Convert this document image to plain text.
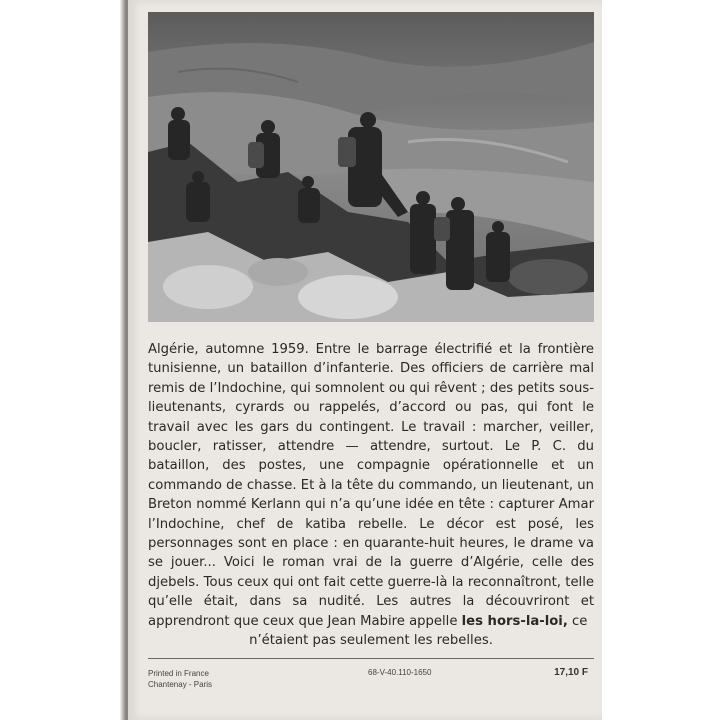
Algérie, automne 1959. Entre le barrage électrifié et la frontière tunisienne, un bataillon d’infanterie. Des officiers de carrière mal remis de l’Indochine, qui somnolent ou qui rêvent ; des petits sous-lieutenants, cyrards ou rappelés, d’accord ou pas, qui font le travail avec les gars du contingent. Le travail : marcher, veiller, boucler, ratisser, attendre — attendre, surtout. Le P. C. du bataillon, des postes, une compagnie opérationnelle et un commando de chasse. Et à la tête du commando, un lieutenant, un Breton nommé Kerlann qui n’a qu’une idée en tête : capturer Amar l’Indochine, chef de katiba rebelle. Le décor est posé, les personnages sont en place : en quarante-huit heures, le drame va se jouer... Voici le roman vrai de la guerre d’Algérie, celle des djebels. Tous ceux qui ont fait cette guerre-là la reconnaîtront, telle qu’elle était, dans sa nudité. Les autres la découvriront et apprendront que ceux que Jean Mabire appelle les hors-la-loi, ce
n’étaient pas seulement les rebelles.
Printed in France
Chantenay - Paris
68-V-40.110-1650	17,10 F
